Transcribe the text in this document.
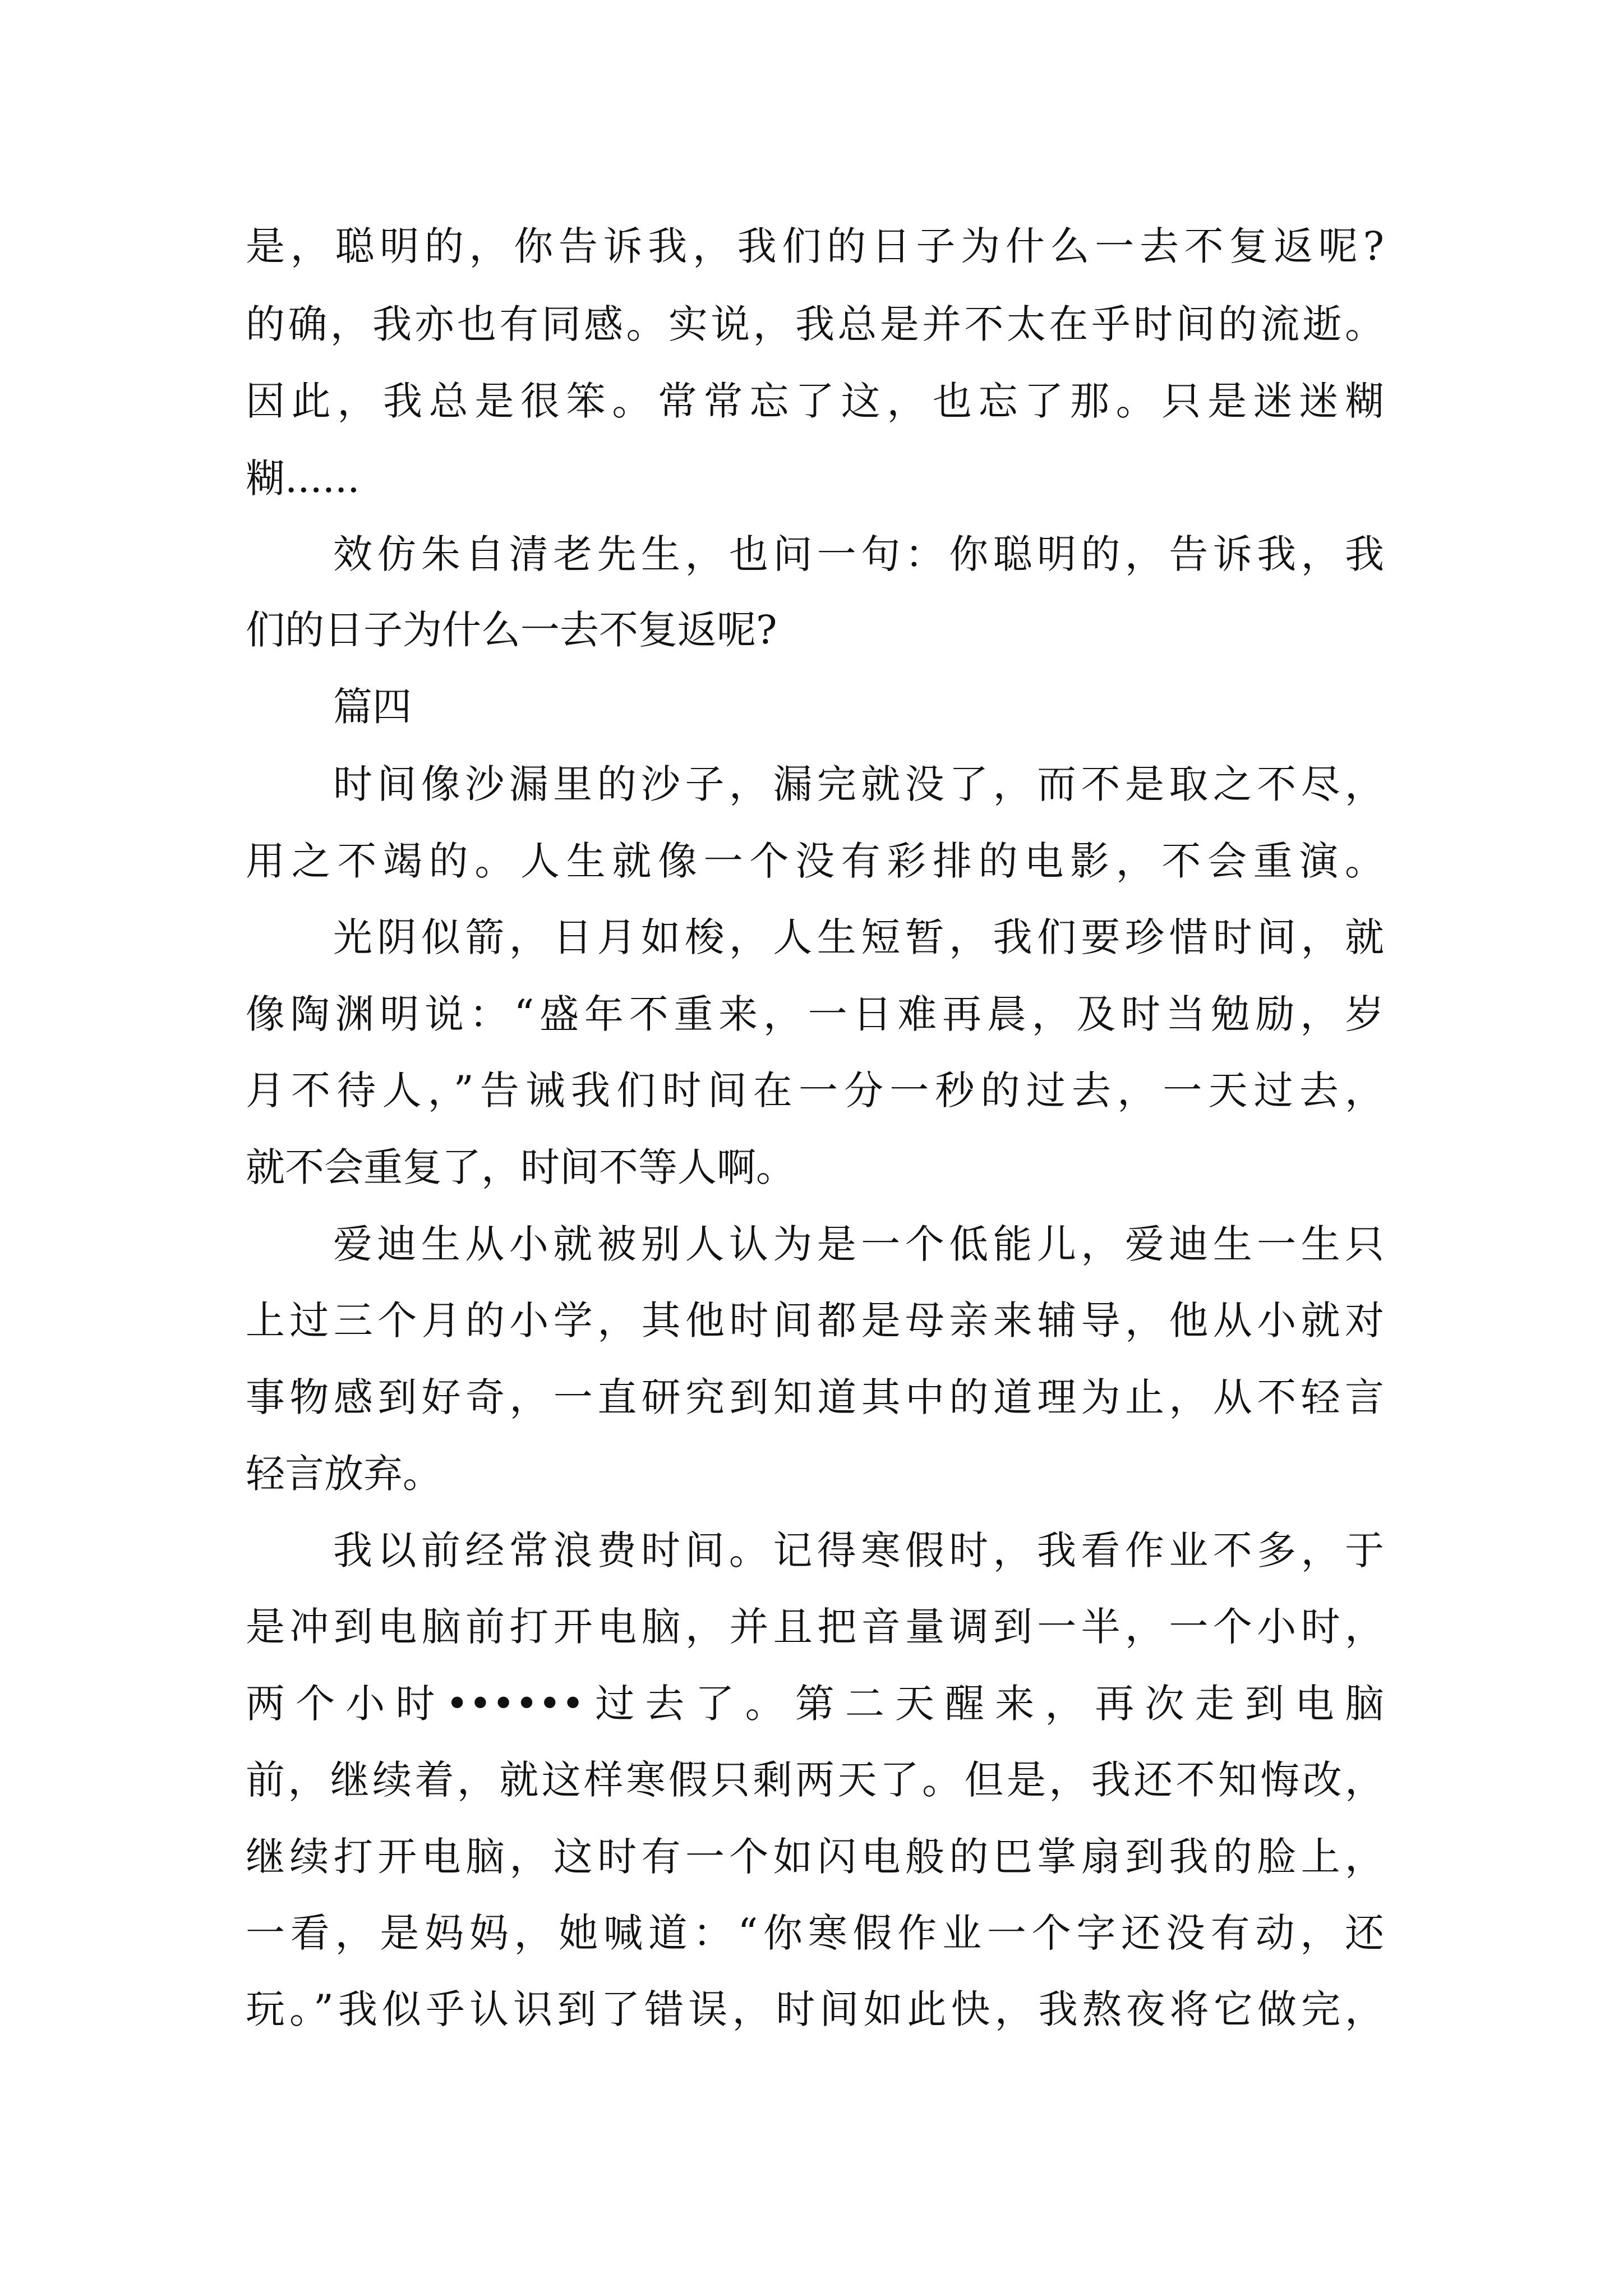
是，聪明的，你告诉我，我们的日子为什么一去不复返呢?
的确，我亦也有同感。实说，我总是并不太在乎时间的流逝。
因此，我总是很笨。常常忘了这，也忘了那。只是迷迷糊
糊......
效仿朱自清老先生，也问一句：你聪明的，告诉我，我
们的日子为什么一去不复返呢?
篇四
时间像沙漏里的沙子，漏完就没了，而不是取之不尽，
用之不竭的。人生就像一个没有彩排的电影，不会重演。
光阴似箭，日月如梭，人生短暂，我们要珍惜时间，就
像陶渊明说：“盛年不重来，一日难再晨，及时当勉励，岁
月不待人，”告诫我们时间在一分一秒的过去，一天过去，
就不会重复了，时间不等人啊。
爱迪生从小就被别人认为是一个低能儿，爱迪生一生只
上过三个月的小学，其他时间都是母亲来辅导，他从小就对
事物感到好奇，一直研究到知道其中的道理为止，从不轻言
轻言放弃。
我以前经常浪费时间。记得寒假时，我看作业不多，于
是冲到电脑前打开电脑，并且把音量调到一半，一个小时，
两个小时••••••过去了。第二天醒来，再次走到电脑
前，继续着，就这样寒假只剩两天了。但是，我还不知悔改，
继续打开电脑，这时有一个如闪电般的巴掌扇到我的脸上，
一看，是妈妈，她喊道：“你寒假作业一个字还没有动，还
玩。”我似乎认识到了错误，时间如此快，我熬夜将它做完，
